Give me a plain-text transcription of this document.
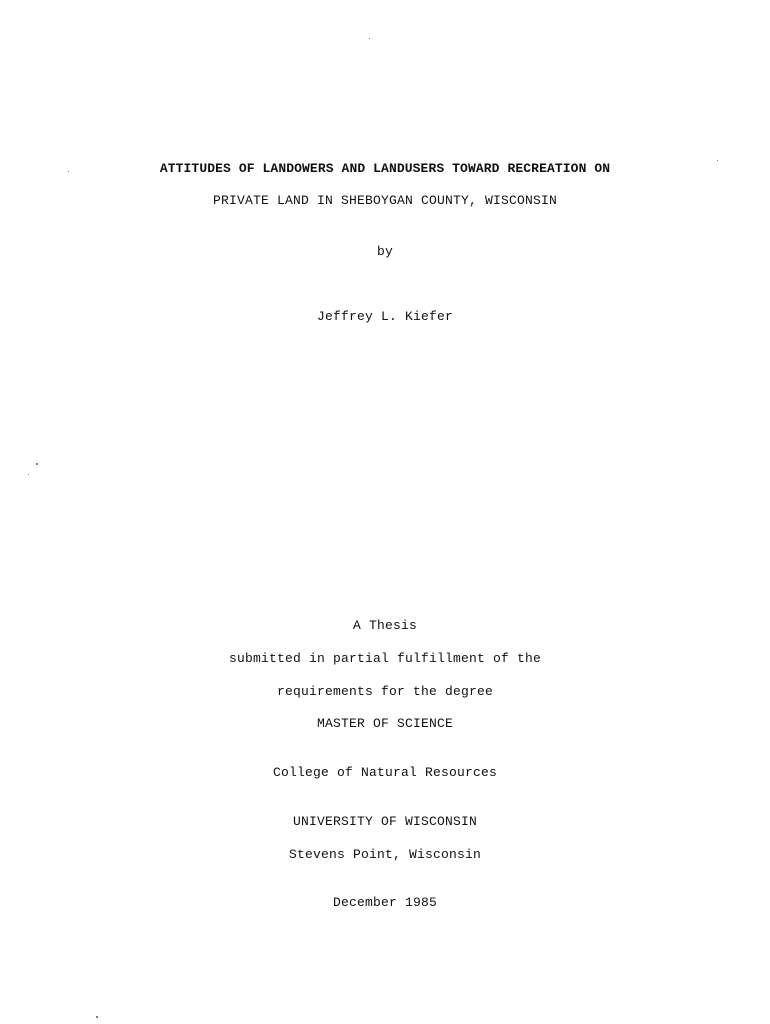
ATTITUDES OF LANDOWERS AND LANDUSERS TOWARD RECREATION ON
PRIVATE LAND IN SHEBOYGAN COUNTY, WISCONSIN
by
Jeffrey L. Kiefer
A Thesis
submitted in partial fulfillment of the
requirements for the degree
MASTER OF SCIENCE
College of Natural Resources
UNIVERSITY OF WISCONSIN
Stevens Point, Wisconsin
December 1985
